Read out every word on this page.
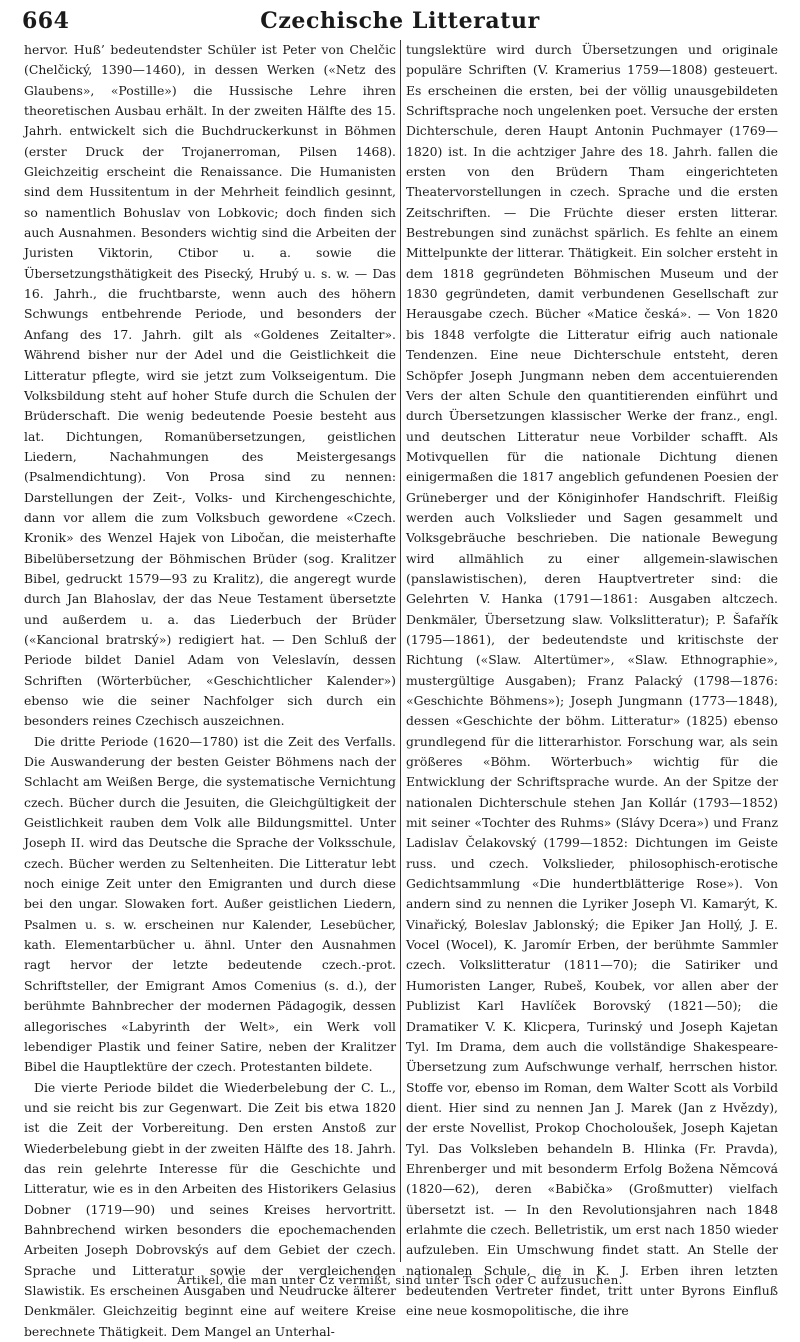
664	Czechische Litteratur

hervor. Huß’ bedeutendster Schüler ist Peter von Chelčic (Chelčický, 1390—1460), in dessen Werken («Netz des Glaubens», «Postille») die Hussische Lehre ihren theoretischen Ausbau erhält. In der zweiten Hälfte des 15. Jahrh. entwickelt sich die Buchdruckerkunst in Böhmen (erster Druck der Trojanerroman, Pilsen 1468). Gleichzeitig erscheint die Renaissance. Die Humanisten sind dem Hussitentum in der Mehrheit feindlich gesinnt, so namentlich Bohuslav von Lobkovic; doch finden sich auch Ausnahmen. Besonders wichtig sind die Arbeiten der Juristen Viktorin, Ctibor u. a. sowie die Übersetzungsthätigkeit des Pisecký, Hrubý u. s. w. — Das 16. Jahrh., die fruchtbarste, wenn auch des höhern Schwungs entbehrende Periode, und besonders der Anfang des 17. Jahrh. gilt als «Goldenes Zeitalter». Während bisher nur der Adel und die Geistlichkeit die Litteratur pflegte, wird sie jetzt zum Volkseigentum. Die Volksbildung steht auf hoher Stufe durch die Schulen der Brüderschaft. Die wenig bedeutende Poesie besteht aus lat. Dichtungen, Romanübersetzungen, geistlichen Liedern, Nachahmungen des Meistergesangs (Psalmendichtung). Von Prosa sind zu nennen: Darstellungen der Zeit-, Volks- und Kirchengeschichte, dann vor allem die zum Volksbuch gewordene «Czech. Kronik» des Wenzel Hajek von Libočan, die meisterhafte Bibelübersetzung der Böhmischen Brüder (sog. Kralitzer Bibel, gedruckt 1579—93 zu Kralitz), die angeregt wurde durch Jan Blahoslav, der das Neue Testament übersetzte und außerdem u. a. das Liederbuch der Brüder («Kancional bratrský») redigiert hat. — Den Schluß der Periode bildet Daniel Adam von Veleslavín, dessen Schriften (Wörterbücher, «Geschichtlicher Kalender») ebenso wie die seiner Nachfolger sich durch ein besonders reines Czechisch auszeichnen.

Die dritte Periode (1620—1780) ist die Zeit des Verfalls. Die Auswanderung der besten Geister Böhmens nach der Schlacht am Weißen Berge, die systematische Vernichtung czech. Bücher durch die Jesuiten, die Gleichgültigkeit der Geistlichkeit rauben dem Volk alle Bildungsmittel. Unter Joseph II. wird das Deutsche die Sprache der Volksschule, czech. Bücher werden zu Seltenheiten. Die Litteratur lebt noch einige Zeit unter den Emigranten und durch diese bei den ungar. Slowaken fort. Außer geistlichen Liedern, Psalmen u. s. w. erscheinen nur Kalender, Lesebücher, kath. Elementarbücher u. ähnl. Unter den Ausnahmen ragt hervor der letzte bedeutende czech.-prot. Schriftsteller, der Emigrant Amos Comenius (s. d.), der berühmte Bahnbrecher der modernen Pädagogik, dessen allegorisches «Labyrinth der Welt», ein Werk voll lebendiger Plastik und feiner Satire, neben der Kralitzer Bibel die Hauptlektüre der czech. Protestanten bildete.

Die vierte Periode bildet die Wiederbelebung der C. L., und sie reicht bis zur Gegenwart. Die Zeit bis etwa 1820 ist die Zeit der Vorbereitung. Den ersten Anstoß zur Wiederbelebung giebt in der zweiten Hälfte des 18. Jahrh. das rein gelehrte Interesse für die Geschichte und Litteratur, wie es in den Arbeiten des Historikers Gelasius Dobner (1719—90) und seines Kreises hervortritt. Bahnbrechend wirken besonders die epochemachenden Arbeiten Joseph Dobrovskýs auf dem Gebiet der czech. Sprache und Litteratur sowie der vergleichenden Slawistik. Es erscheinen Ausgaben und Neudrucke älterer Denkmäler. Gleichzeitig beginnt eine auf weitere Kreise berechnete Thätigkeit. Dem Mangel an Unterhal-

tungslektüre wird durch Übersetzungen und originale populäre Schriften (V. Kramerius 1759—1808) gesteuert. Es erscheinen die ersten, bei der völlig unausgebildeten Schriftsprache noch ungelenken poet. Versuche der ersten Dichterschule, deren Haupt Antonin Puchmayer (1769—1820) ist. In die achtziger Jahre des 18. Jahrh. fallen die ersten von den Brüdern Tham eingerichteten Theatervorstellungen in czech. Sprache und die ersten Zeitschriften. — Die Früchte dieser ersten litterar. Bestrebungen sind zunächst spärlich. Es fehlte an einem Mittelpunkte der litterar. Thätigkeit. Ein solcher ersteht in dem 1818 gegründeten Böhmischen Museum und der 1830 gegründeten, damit verbundenen Gesellschaft zur Herausgabe czech. Bücher «Matice česká». — Von 1820 bis 1848 verfolgte die Litteratur eifrig auch nationale Tendenzen. Eine neue Dichterschule entsteht, deren Schöpfer Joseph Jungmann neben dem accentuierenden Vers der alten Schule den quantitierenden einführt und durch Übersetzungen klassischer Werke der franz., engl. und deutschen Litteratur neue Vorbilder schafft. Als Motivquellen für die nationale Dichtung dienen einigermaßen die 1817 angeblich gefundenen Poesien der Grüneberger und der Königinhofer Handschrift. Fleißig werden auch Volkslieder und Sagen gesammelt und Volksgebräuche beschrieben. Die nationale Bewegung wird allmählich zu einer allgemein-slawischen (panslawistischen), deren Hauptvertreter sind: die Gelehrten V. Hanka (1791—1861: Ausgaben altczech. Denkmäler, Übersetzung slaw. Volkslitteratur); P. Šafařík (1795—1861), der bedeutendste und kritischste der Richtung («Slaw. Altertümer», «Slaw. Ethnographie», mustergültige Ausgaben); Franz Palacký (1798—1876: «Geschichte Böhmens»); Joseph Jungmann (1773—1848), dessen «Geschichte der böhm. Litteratur» (1825) ebenso grundlegend für die litterarhistor. Forschung war, als sein größeres «Böhm. Wörterbuch» wichtig für die Entwicklung der Schriftsprache wurde. An der Spitze der nationalen Dichterschule stehen Jan Kollár (1793—1852) mit seiner «Tochter des Ruhms» (Slávy Dcera») und Franz Ladislav Čelakovský (1799—1852: Dichtungen im Geiste russ. und czech. Volkslieder, philosophisch-erotische Gedichtsammlung «Die hundertblätterige Rose»). Von andern sind zu nennen die Lyriker Joseph Vl. Kamarýt, K. Vinařický, Boleslav Jablonský; die Epiker Jan Hollý, J. E. Vocel (Wocel), K. Jaromír Erben, der berühmte Sammler czech. Volkslitteratur (1811—70); die Satiriker und Humoristen Langer, Rubeš, Koubek, vor allen aber der Publizist Karl Havlíček Borovský (1821—50); die Dramatiker V. K. Klicpera, Turinský und Joseph Kajetan Tyl. Im Drama, dem auch die vollständige Shakespeare-Übersetzung zum Aufschwunge verhalf, herrschen histor. Stoffe vor, ebenso im Roman, dem Walter Scott als Vorbild dient. Hier sind zu nennen Jan J. Marek (Jan z Hvězdy), der erste Novellist, Prokop Chocholoušek, Joseph Kajetan Tyl. Das Volksleben behandeln B. Hlinka (Fr. Pravda), Ehrenberger und mit besonderm Erfolg Božena Němcová (1820—62), deren «Babička» (Großmutter) vielfach übersetzt ist. — In den Revolutionsjahren nach 1848 erlahmte die czech. Belletristik, um erst nach 1850 wieder aufzuleben. Ein Umschwung findet statt. An Stelle der nationalen Schule, die in K. J. Erben ihren letzten bedeutenden Vertreter findet, tritt unter Byrons Einfluß eine neue kosmopolitische, die ihre

Artikel, die man unter Cz vermißt, sind unter Tsch oder C aufzusuchen.
